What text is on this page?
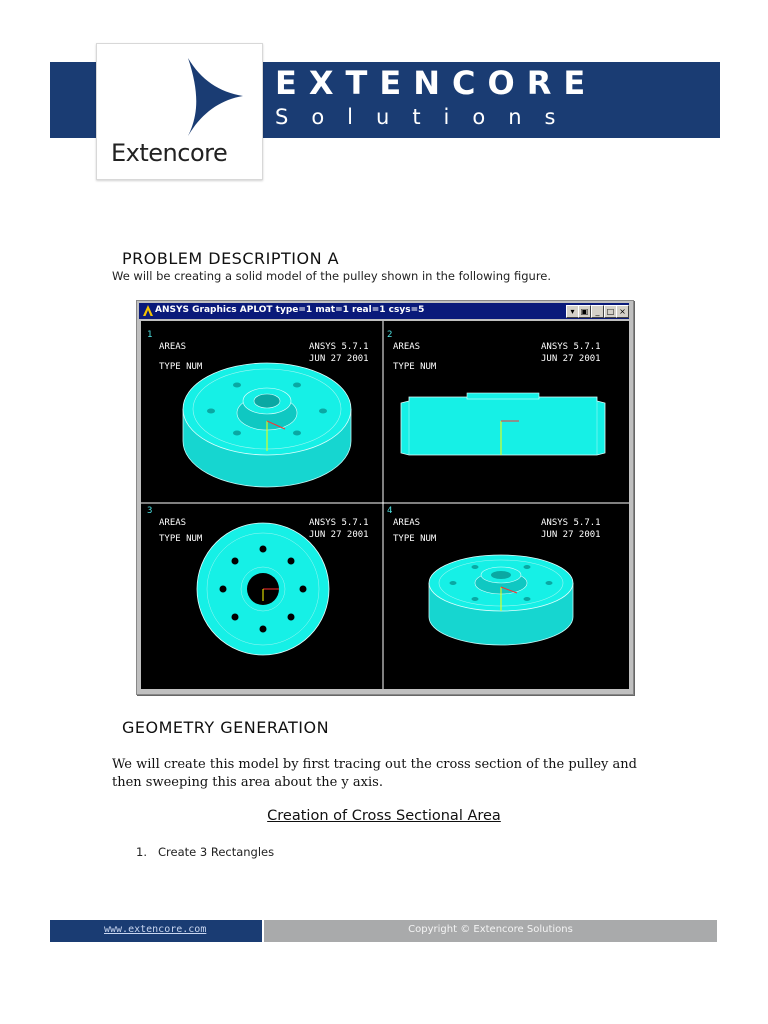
EXTENCORE
Solutions
Extencore
PROBLEM DESCRIPTION A
We will be creating a solid model of the pulley shown in the following figure.
ANSYS Graphics APLOT type=1 mat=1 real=1 csys=5	▾ ▣ _ □ ×
1
AREAS
TYPE NUM
ANSYS 5.7.1
JUN 27 2001
2
AREAS
TYPE NUM
ANSYS 5.7.1
JUN 27 2001
3
AREAS
TYPE NUM
ANSYS 5.7.1
JUN 27 2001
4
AREAS
TYPE NUM
ANSYS 5.7.1
JUN 27 2001
GEOMETRY GENERATION
We will create this model by first tracing out the cross section of the pulley and then sweeping this area about the y axis.
Creation of Cross Sectional Area
1. Create 3 Rectangles
www.extencore.com	Copyright © Extencore Solutions
